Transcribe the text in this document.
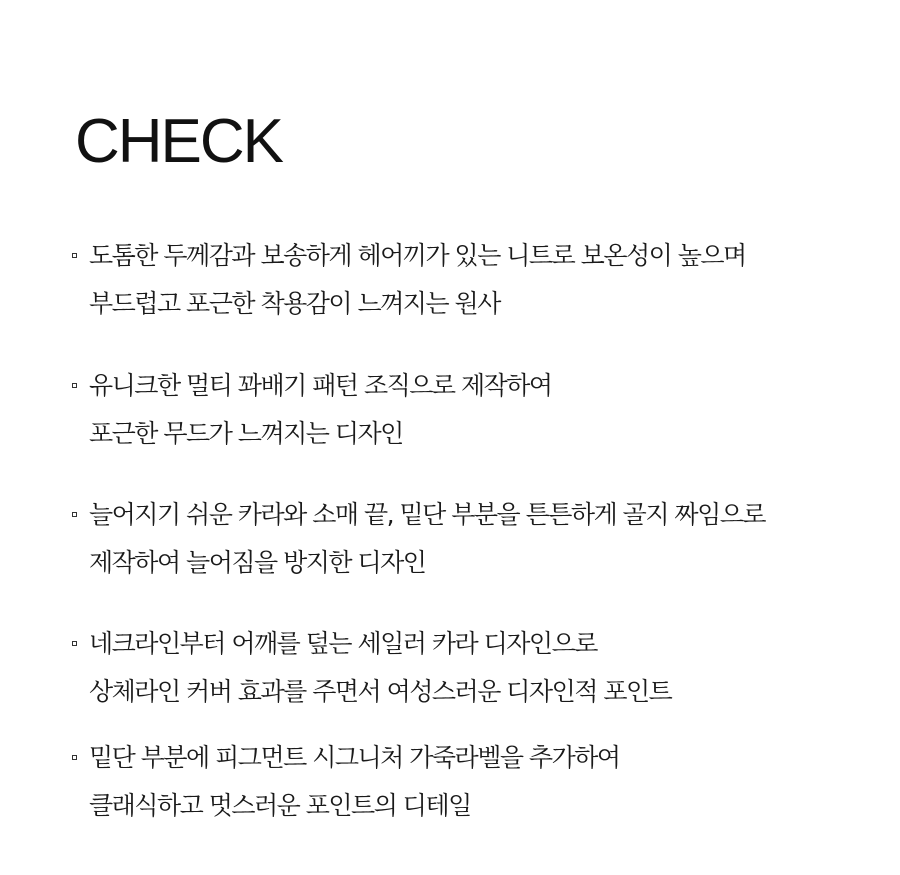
CHECK
도톰한 두께감과 보송하게 헤어끼가 있는 니트로 보온성이 높으며
부드럽고 포근한 착용감이 느껴지는 원사
유니크한 멀티 꽈배기 패턴 조직으로 제작하여
포근한 무드가 느껴지는 디자인
늘어지기 쉬운 카라와 소매 끝, 밑단 부분을 튼튼하게 골지 짜임으로
제작하여 늘어짐을 방지한 디자인
네크라인부터 어깨를 덮는 세일러 카라 디자인으로
상체라인 커버 효과를 주면서 여성스러운 디자인적 포인트
밑단 부분에 피그먼트 시그니처 가죽라벨을 추가하여
클래식하고 멋스러운 포인트의 디테일
